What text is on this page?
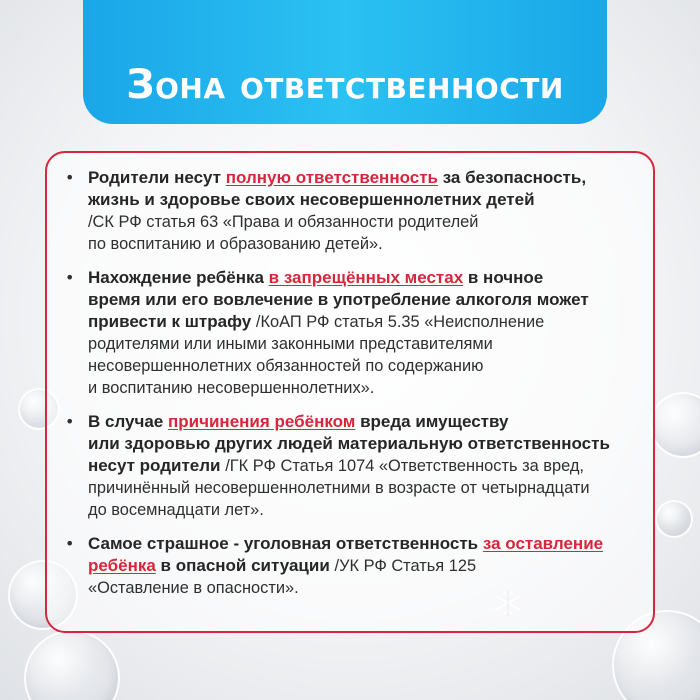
Зона ответственности
• Родители несут полную ответственность за безопасность,
жизнь и здоровье своих несовершеннолетних детей
/СК РФ статья 63 «Права и обязанности родителей
по воспитанию и образованию детей».
• Нахождение ребёнка в запрещённых местах в ночное
время или его вовлечение в употребление алкоголя может
привести к штрафу /КоАП РФ статья 5.35 «Неисполнение
родителями или иными законными представителями
несовершеннолетних обязанностей по содержанию
и воспитанию несовершеннолетних».
• В случае причинения ребёнком вреда имуществу
или здоровью других людей материальную ответственность
несут родители /ГК РФ Статья 1074 «Ответственность за вред,
причинённый несовершеннолетними в возрасте от четырнадцати
до восемнадцати лет».
• Самое страшное - уголовная ответственность за оставление
ребёнка в опасной ситуации /УК РФ Статья 125
«Оставление в опасности».
